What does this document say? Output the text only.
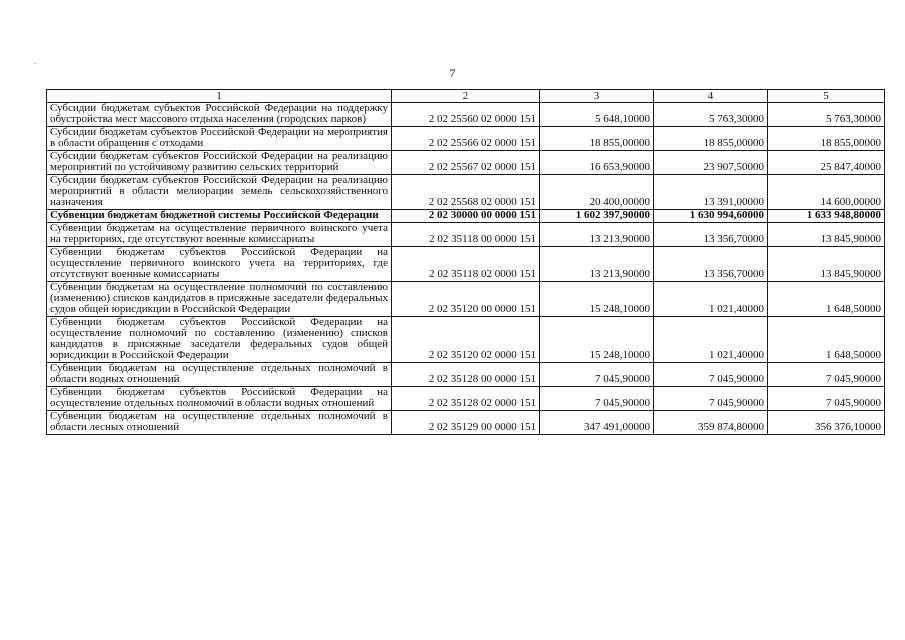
.
7
1	2	3	4	5
Субсидии бюджетам субъектов Российской Федерации на поддержку обустройства мест массового отдыха населения (городских парков)	2 02 25560 02 0000 151	5 648,10000	5 763,30000	5 763,30000
Субсидии бюджетам субъектов Российской Федерации на мероприятия в области обращения с отходами	2 02 25566 02 0000 151	18 855,00000	18 855,00000	18 855,00000
Субсидии бюджетам субъектов Российской Федерации на реализацию мероприятий по устойчивому развитию сельских территорий	2 02 25567 02 0000 151	16 653,90000	23 907,50000	25 847,40000
Субсидии бюджетам субъектов Российской Федерации на реализацию мероприятий в области мелиорации земель сельскохозяйственного назначения	2 02 25568 02 0000 151	20 400,00000	13 391,00000	14 600,00000
Субвенции бюджетам бюджетной системы Российской Федерации	2 02 30000 00 0000 151	1 602 397,90000	1 630 994,60000	1 633 948,80000
Субвенции бюджетам на осуществление первичного воинского учета на территориях, где отсутствуют военные комиссариаты	2 02 35118 00 0000 151	13 213,90000	13 356,70000	13 845,90000
Субвенции бюджетам субъектов Российской Федерации на осуществление первичного воинского учета на территориях, где отсутствуют военные комиссариаты	2 02 35118 02 0000 151	13 213,90000	13 356,70000	13 845,90000
Субвенции бюджетам на осуществление полномочий по составлению (изменению) списков кандидатов в присяжные заседатели федеральных судов общей юрисдикции в Российской Федерации	2 02 35120 00 0000 151	15 248,10000	1 021,40000	1 648,50000
Субвенции бюджетам субъектов Российской Федерации на осуществление полномочий по составлению (изменению) списков кандидатов в присяжные заседатели федеральных судов общей юрисдикции в Российской Федерации	2 02 35120 02 0000 151	15 248,10000	1 021,40000	1 648,50000
Субвенции бюджетам на осуществление отдельных полномочий в области водных отношений	2 02 35128 00 0000 151	7 045,90000	7 045,90000	7 045,90000
Субвенции бюджетам субъектов Российской Федерации на осуществление отдельных полномочий в области водных отношений	2 02 35128 02 0000 151	7 045,90000	7 045,90000	7 045,90000
Субвенции бюджетам на осуществление отдельных полномочий в области лесных отношений	2 02 35129 00 0000 151	347 491,00000	359 874,80000	356 376,10000
